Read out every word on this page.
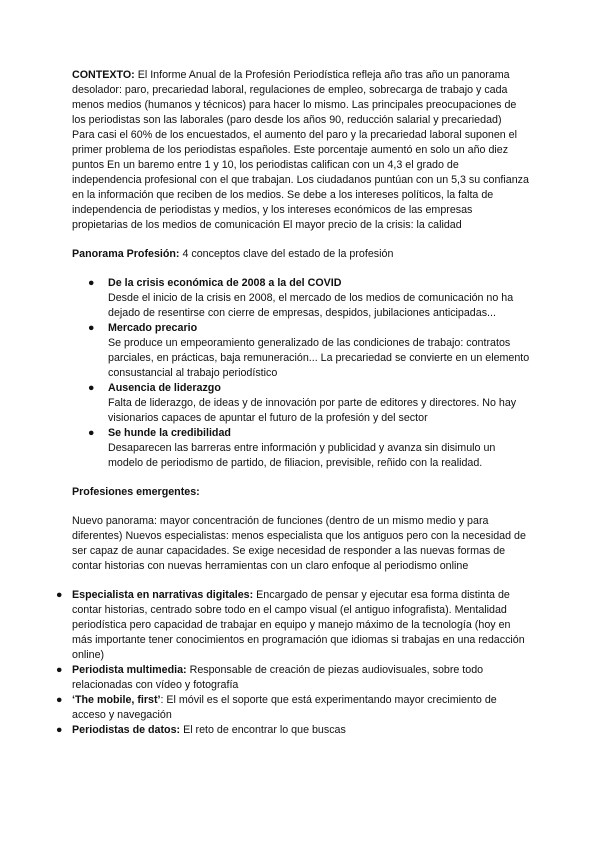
CONTEXTO: El Informe Anual de la Profesión Periodística refleja año tras año un panorama desolador: paro, precariedad laboral, regulaciones de empleo, sobrecarga de trabajo y cada menos medios (humanos y técnicos) para hacer lo mismo. Las principales preocupaciones de los periodistas son las laborales (paro desde los años 90, reducción salarial y precariedad)

Para casi el 60% de los encuestados, el aumento del paro y la precariedad laboral suponen el primer problema de los periodistas españoles. Este porcentaje aumentó en solo un año diez puntos En un baremo entre 1 y 10, los periodistas califican con un 4,3 el grado de independencia profesional con el que trabajan. Los ciudadanos puntúan con un 5,3 su confianza en la información que reciben de los medios. Se debe a los intereses políticos, la falta de independencia de periodistas y medios, y los intereses económicos de las empresas propietarias de los medios de comunicación El mayor precio de la crisis: la calidad

Panorama Profesión: 4 conceptos clave del estado de la profesión

● De la crisis económica de 2008 a la del COVID
Desde el inicio de la crisis en 2008, el mercado de los medios de comunicación no ha dejado de resentirse con cierre de empresas, despidos, jubilaciones anticipadas...
● Mercado precario
Se produce un empeoramiento generalizado de las condiciones de trabajo: contratos parciales, en prácticas, baja remuneración... La precariedad se convierte en un elemento consustancial al trabajo periodístico
● Ausencia de liderazgo
Falta de liderazgo, de ideas y de innovación por parte de editores y directores. No hay visionarios capaces de apuntar el futuro de la profesión y del sector
● Se hunde la credibilidad
Desaparecen las barreras entre información y publicidad y avanza sin disimulo un modelo de periodismo de partido, de filiacion, previsible, reñido con la realidad.

Profesiones emergentes:

Nuevo panorama: mayor concentración de funciones (dentro de un mismo medio y para diferentes) Nuevos especialistas: menos especialista que los antiguos pero con la necesidad de ser capaz de aunar capacidades. Se exige necesidad de responder a las nuevas formas de contar historias con nuevas herramientas con un claro enfoque al periodismo online

● Especialista en narrativas digitales: Encargado de pensar y ejecutar esa forma distinta de contar historias, centrado sobre todo en el campo visual (el antiguo infografista). Mentalidad periodística pero capacidad de trabajar en equipo y manejo máximo de la tecnología (hoy en más importante tener conocimientos en programación que idiomas si trabajas en una redacción online)
● Periodista multimedia: Responsable de creación de piezas audiovisuales, sobre todo relacionadas con vídeo y fotografía
● ‘The mobile, first’: El móvil es el soporte que está experimentando mayor crecimiento de acceso y navegación
● Periodistas de datos: El reto de encontrar lo que buscas
